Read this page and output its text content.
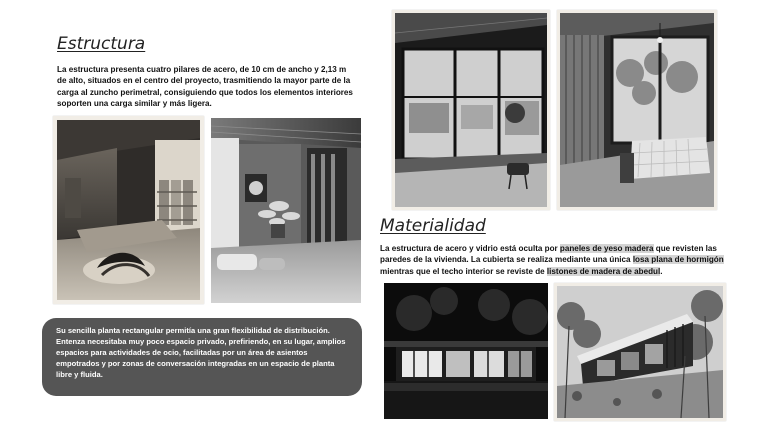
Estructura
La estructura presenta cuatro pilares de acero, de 10 cm de ancho y 2,13 m de alto, situados en el centro del proyecto, trasmitiendo la mayor parte de la carga al zuncho perimetral, consiguiendo que todos los elementos interiores soporten una carga similar y más ligera.
Su sencilla planta rectangular permitía una gran flexibilidad de distribución. Entenza necesitaba muy poco espacio privado, prefiriendo, en su lugar, amplios espacios para actividades de ocio, facilitadas por un área de asientos empotrados y por zonas de conversación integradas en un espacio de planta libre y fluida.
Materialidad
La estructura de acero y vidrio está oculta por paneles de yeso madera que revisten las paredes de la vivienda. La cubierta se realiza mediante una única losa plana de hormigón mientras que el techo interior se reviste de listones de madera de abedul.
